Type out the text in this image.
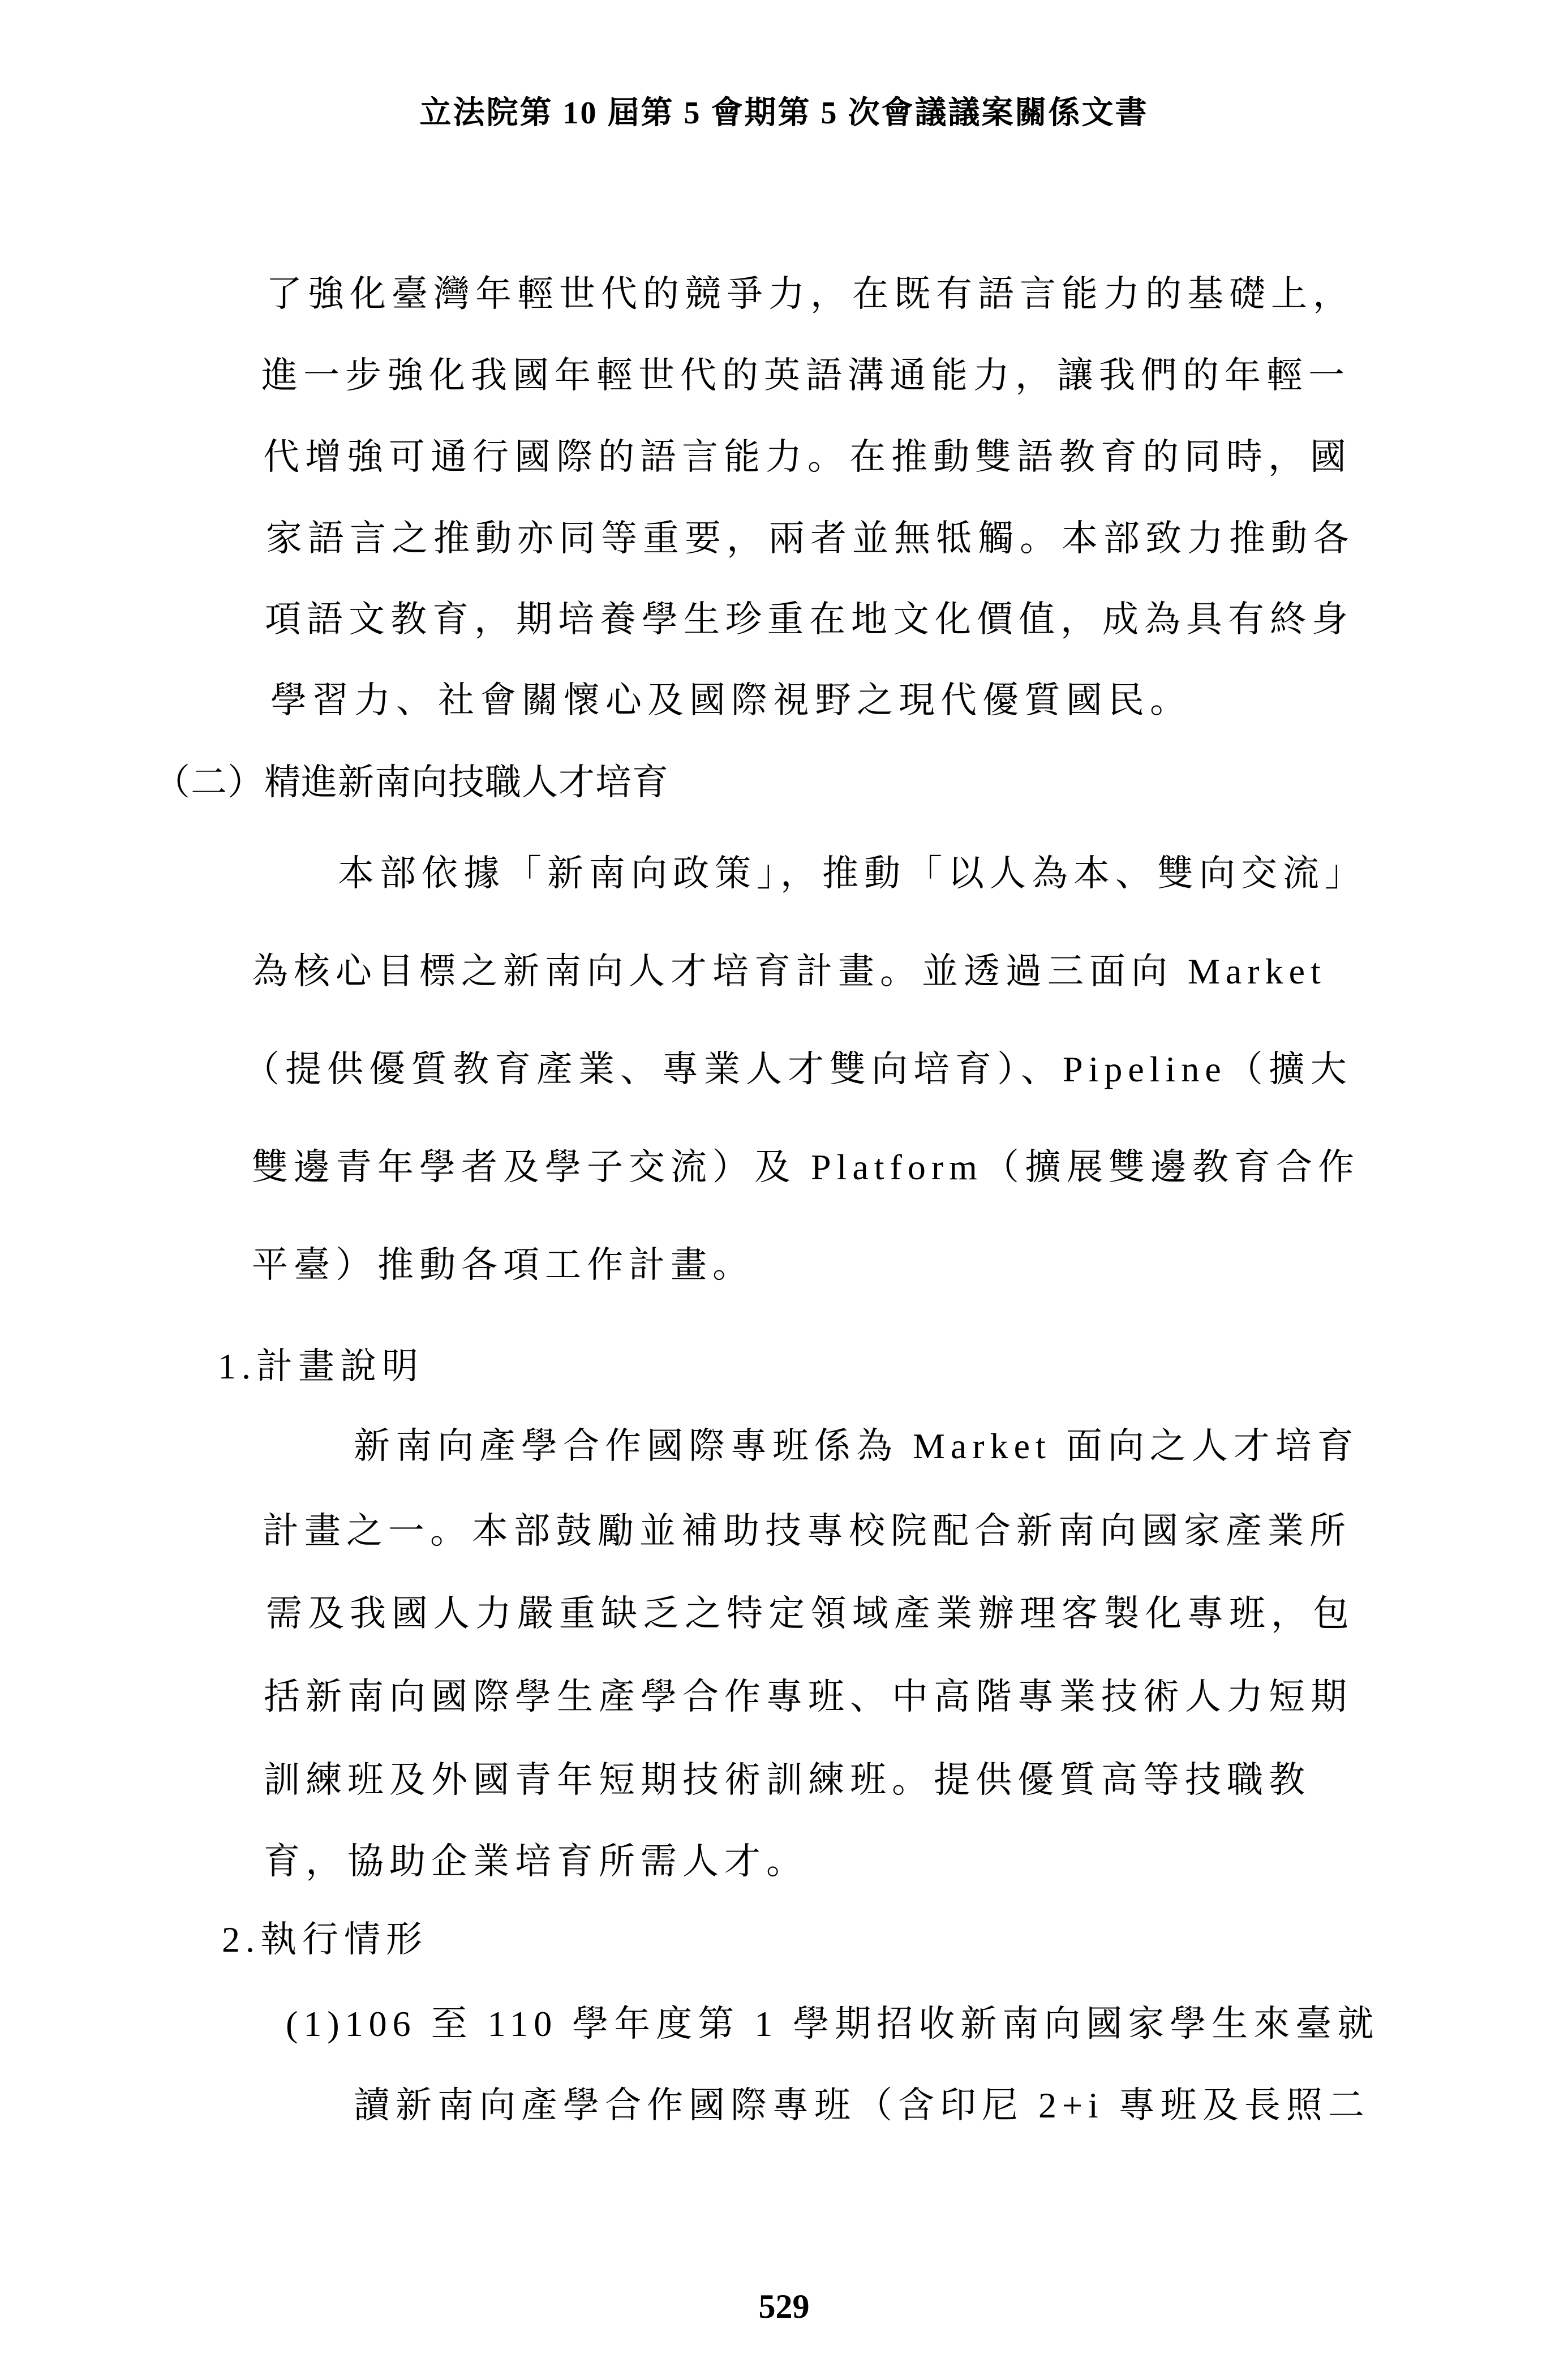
立法院第 10 屆第 5 會期第 5 次會議議案關係文書
了強化臺灣年輕世代的競爭力，在既有語言能力的基礎上，
進一步強化我國年輕世代的英語溝通能力，讓我們的年輕一
代增強可通行國際的語言能力。在推動雙語教育的同時，國
家語言之推動亦同等重要，兩者並無牴觸。本部致力推動各
項語文教育，期培養學生珍重在地文化價值，成為具有終身
學習力、社會關懷心及國際視野之現代優質國民。
（二）精進新南向技職人才培育
本部依據「新南向政策」，推動「以人為本、雙向交流」
為核心目標之新南向人才培育計畫。並透過三面向 Market
（提供優質教育產業、專業人才雙向培育）、Pipeline（擴大
雙邊青年學者及學子交流）及 Platform（擴展雙邊教育合作
平臺）推動各項工作計畫。
1.計畫說明
新南向產學合作國際專班係為 Market 面向之人才培育
計畫之一。本部鼓勵並補助技專校院配合新南向國家產業所
需及我國人力嚴重缺乏之特定領域產業辦理客製化專班，包
括新南向國際學生產學合作專班、中高階專業技術人力短期
訓練班及外國青年短期技術訓練班。提供優質高等技職教
育，協助企業培育所需人才。
2.執行情形
(1)106 至 110 學年度第 1 學期招收新南向國家學生來臺就
讀新南向產學合作國際專班（含印尼 2+i 專班及長照二
529
